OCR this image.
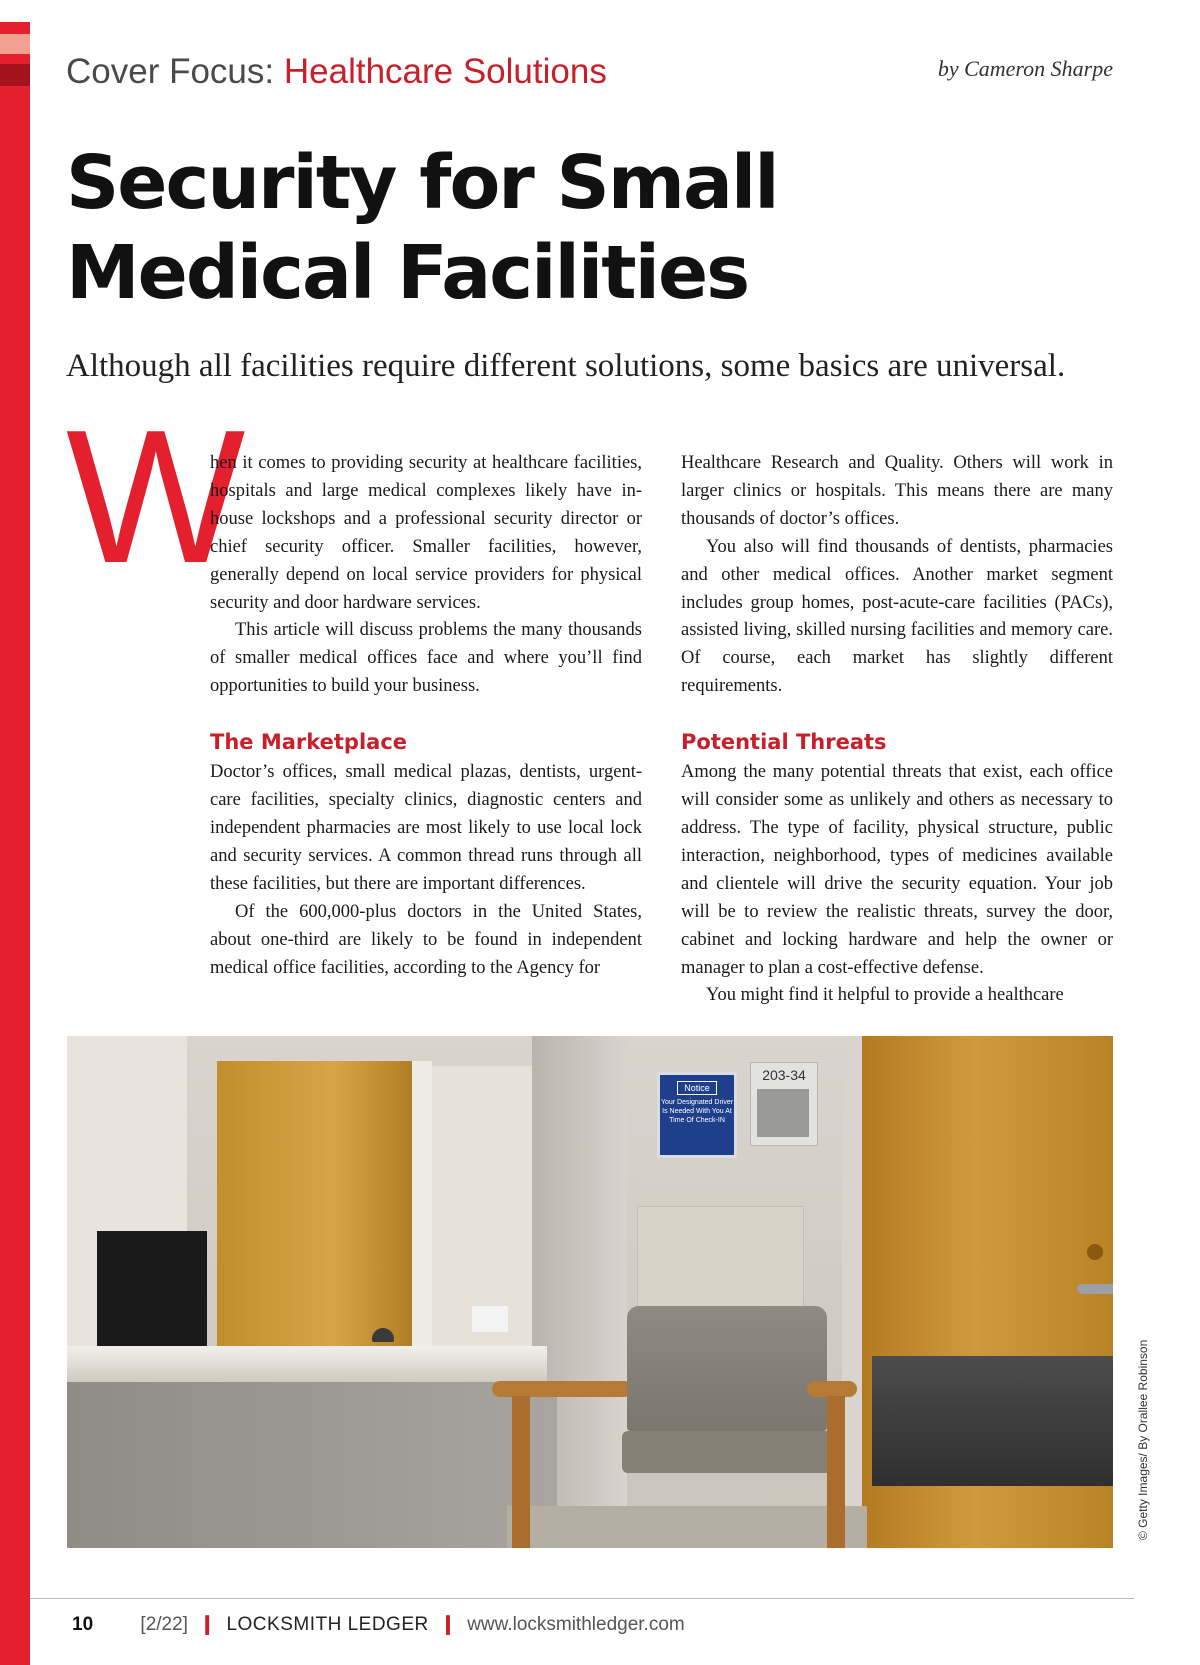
Cover Focus: Healthcare Solutions	by Cameron Sharpe
Security for Small
Medical Facilities
Although all facilities require different solutions, some basics are universal.
W

hen it comes to providing security at healthcare facilities, hospitals and large medical complexes likely have in-house lockshops and a professional security director or chief security officer. Smaller facilities, however, generally depend on local service providers for physical security and door hardware services.

This article will discuss problems the many thousands of smaller medical offices face and where you’ll find opportunities to build your business.

The Marketplace

Doctor’s offices, small medical plazas, dentists, urgent-care facilities, specialty clinics, diagnostic centers and independent pharmacies are most likely to use local lock and security services. A common thread runs through all these facilities, but there are important differences.

Of the 600,000-plus doctors in the United States, about one-third are likely to be found in independent medical office facilities, according to the Agency for

Healthcare Research and Quality. Others will work in larger clinics or hospitals. This means there are many thousands of doctor’s offices.

You also will find thousands of dentists, pharmacies and other medical offices. Another market segment includes group homes, post-acute-care facilities (PACs), assisted living, skilled nursing facilities and memory care. Of course, each market has slightly different requirements.

Potential Threats

Among the many potential threats that exist, each office will consider some as unlikely and others as necessary to address. The type of facility, physical structure, public interaction, neighborhood, types of medicines available and clientele will drive the security equation. Your job will be to review the realistic threats, survey the door, cabinet and locking hardware and help the owner or manager to plan a cost-effective defense.

You might find it helpful to provide a healthcare

Notice
Your Designated Driver Is Needed With You At Time Of Check-IN
203-34
© Getty Images/ By Orallee Robinson
10 [2/22] ❙ LOCKSMITH LEDGER ❙ www.locksmithledger.com
